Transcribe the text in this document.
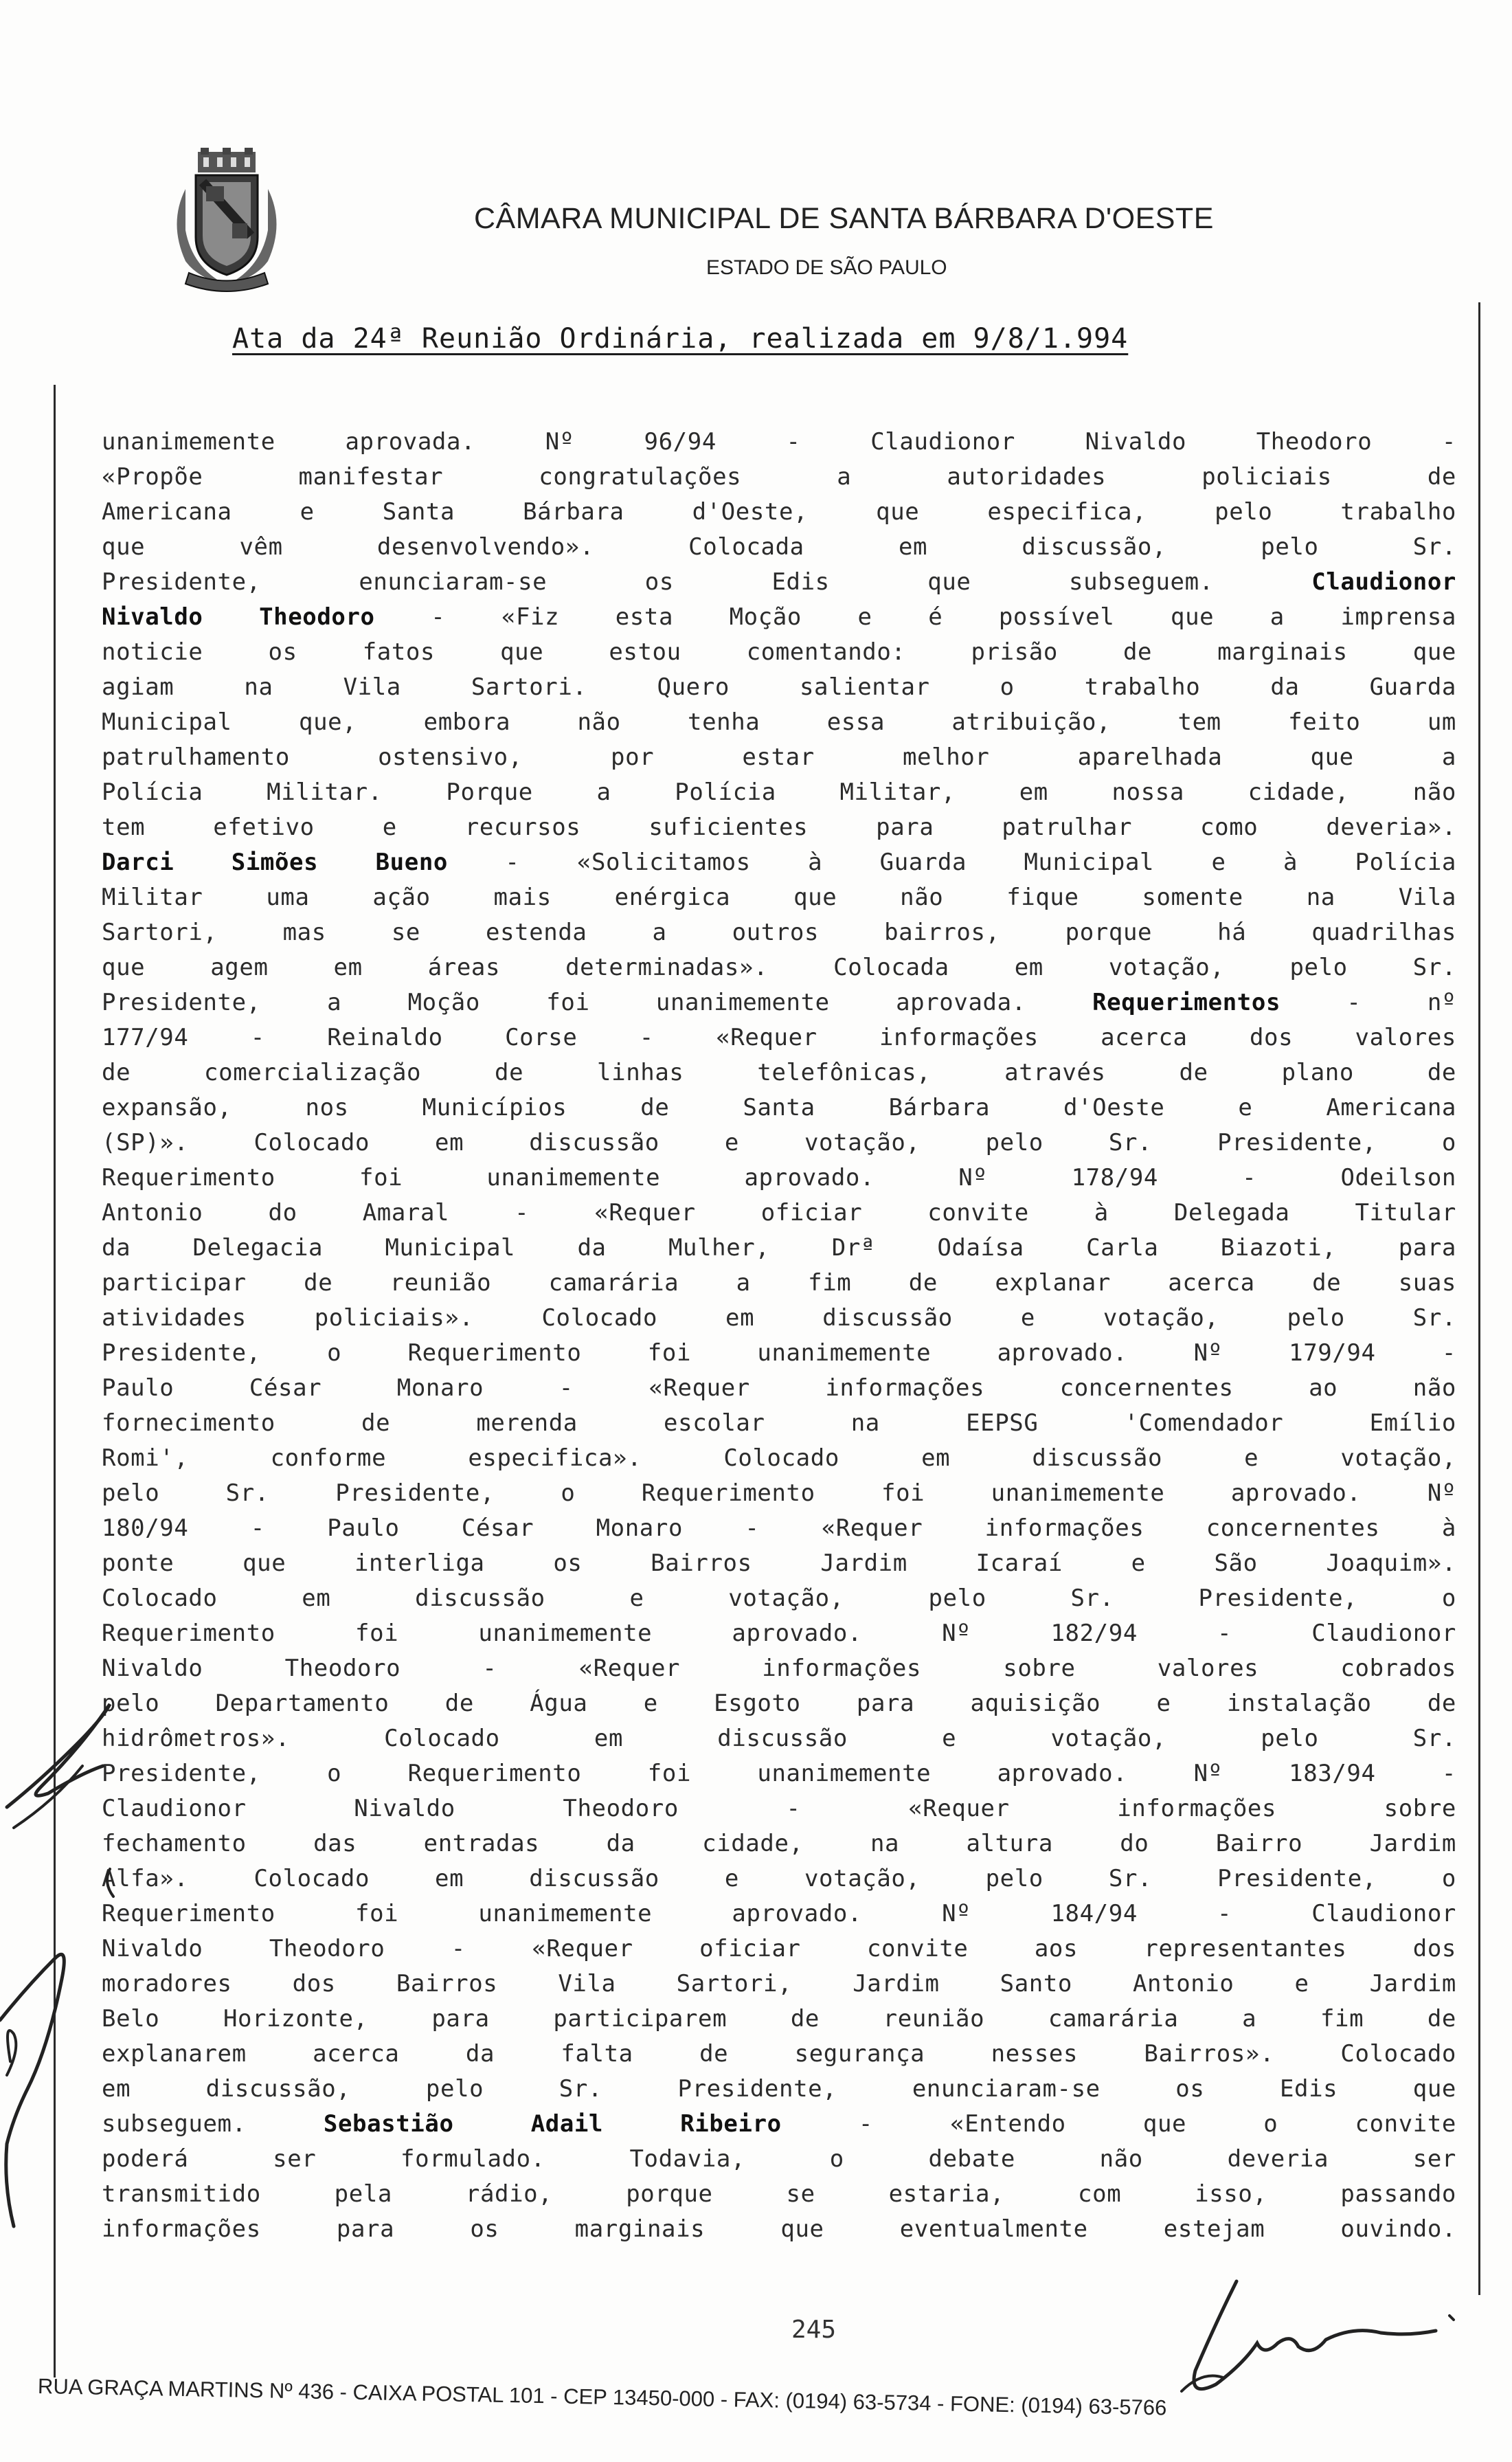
CÂMARA MUNICIPAL DE SANTA BÁRBARA D'OESTE
ESTADO DE SÃO PAULO
Ata da 24ª Reunião Ordinária, realizada em 9/8/1.994
unanimemente aprovada. Nº 96/94 - Claudionor Nivaldo Theodoro -
«Propõe manifestar congratulações a autoridades policiais de
Americana e Santa Bárbara d'Oeste, que especifica, pelo trabalho
que vêm desenvolvendo». Colocada em discussão, pelo Sr.
Presidente, enunciaram-se os Edis que subseguem.	Claudionor
Nivaldo Theodoro - «Fiz esta Moção e é possível que a imprensa
noticie os fatos que estou comentando: prisão de marginais que
agiam na Vila Sartori. Quero salientar o trabalho da Guarda
Municipal que, embora não tenha essa atribuição, tem feito um
patrulhamento ostensivo, por estar melhor aparelhada que a
Polícia Militar. Porque a Polícia Militar, em nossa cidade, não
tem efetivo e recursos suficientes para patrulhar como deveria».
Darci Simões Bueno - «Solicitamos à Guarda Municipal e à Polícia
Militar uma ação mais enérgica que não fique somente na Vila
Sartori, mas se estenda a outros bairros, porque há quadrilhas
que agem em áreas determinadas». Colocada em votação, pelo Sr.
Presidente, a Moção foi unanimemente aprovada.	Requerimentos	- nº
177/94 - Reinaldo Corse - «Requer informações acerca dos valores
de comercialização de linhas telefônicas, através de plano de
expansão, nos Municípios de Santa Bárbara d'Oeste e Americana
(SP)». Colocado em discussão e votação, pelo Sr. Presidente, o
Requerimento foi unanimemente aprovado. Nº 178/94 - Odeilson
Antonio do Amaral - «Requer oficiar convite à Delegada Titular
da Delegacia Municipal da Mulher, Drª Odaísa Carla Biazoti, para
participar de reunião camarária a fim de explanar acerca de suas
atividades policiais». Colocado em discussão e votação, pelo Sr.
Presidente, o Requerimento foi unanimemente aprovado. Nº 179/94 -
Paulo César Monaro - «Requer informações concernentes ao não
fornecimento de merenda escolar na EEPSG 'Comendador Emílio
Romi', conforme especifica». Colocado em discussão e votação,
pelo Sr. Presidente, o Requerimento foi unanimemente aprovado. Nº
180/94 - Paulo César Monaro - «Requer informações concernentes à
ponte que interliga os Bairros Jardim Icaraí e São Joaquim».
Colocado em discussão e votação, pelo Sr. Presidente, o
Requerimento foi unanimemente aprovado. Nº 182/94 - Claudionor
Nivaldo Theodoro - «Requer informações sobre valores cobrados
pelo Departamento de Água e Esgoto para aquisição e instalação de
hidrômetros». Colocado em discussão e votação, pelo Sr.
Presidente, o Requerimento foi unanimemente aprovado. Nº 183/94 -
Claudionor Nivaldo Theodoro - «Requer informações sobre
fechamento das entradas da cidade, na altura do Bairro Jardim
Alfa». Colocado em discussão e votação, pelo Sr. Presidente, o
Requerimento foi unanimemente aprovado. Nº 184/94 - Claudionor
Nivaldo Theodoro - «Requer oficiar convite aos representantes dos
moradores dos Bairros Vila Sartori, Jardim Santo Antonio e Jardim
Belo Horizonte, para participarem de reunião camarária a fim de
explanarem acerca da falta de segurança nesses Bairros». Colocado
em discussão, pelo Sr. Presidente, enunciaram-se os Edis que
subseguem.	Sebastião Adail Ribeiro	- «Entendo que o convite
poderá ser formulado. Todavia, o debate não deveria ser
transmitido pela rádio, porque se estaria, com isso, passando
informações para os marginais que eventualmente estejam ouvindo.
245
RUA GRAÇA MARTINS Nº 436 - CAIXA POSTAL 101 - CEP 13450-000 - FAX: (0194) 63-5734 - FONE: (0194) 63-5766
